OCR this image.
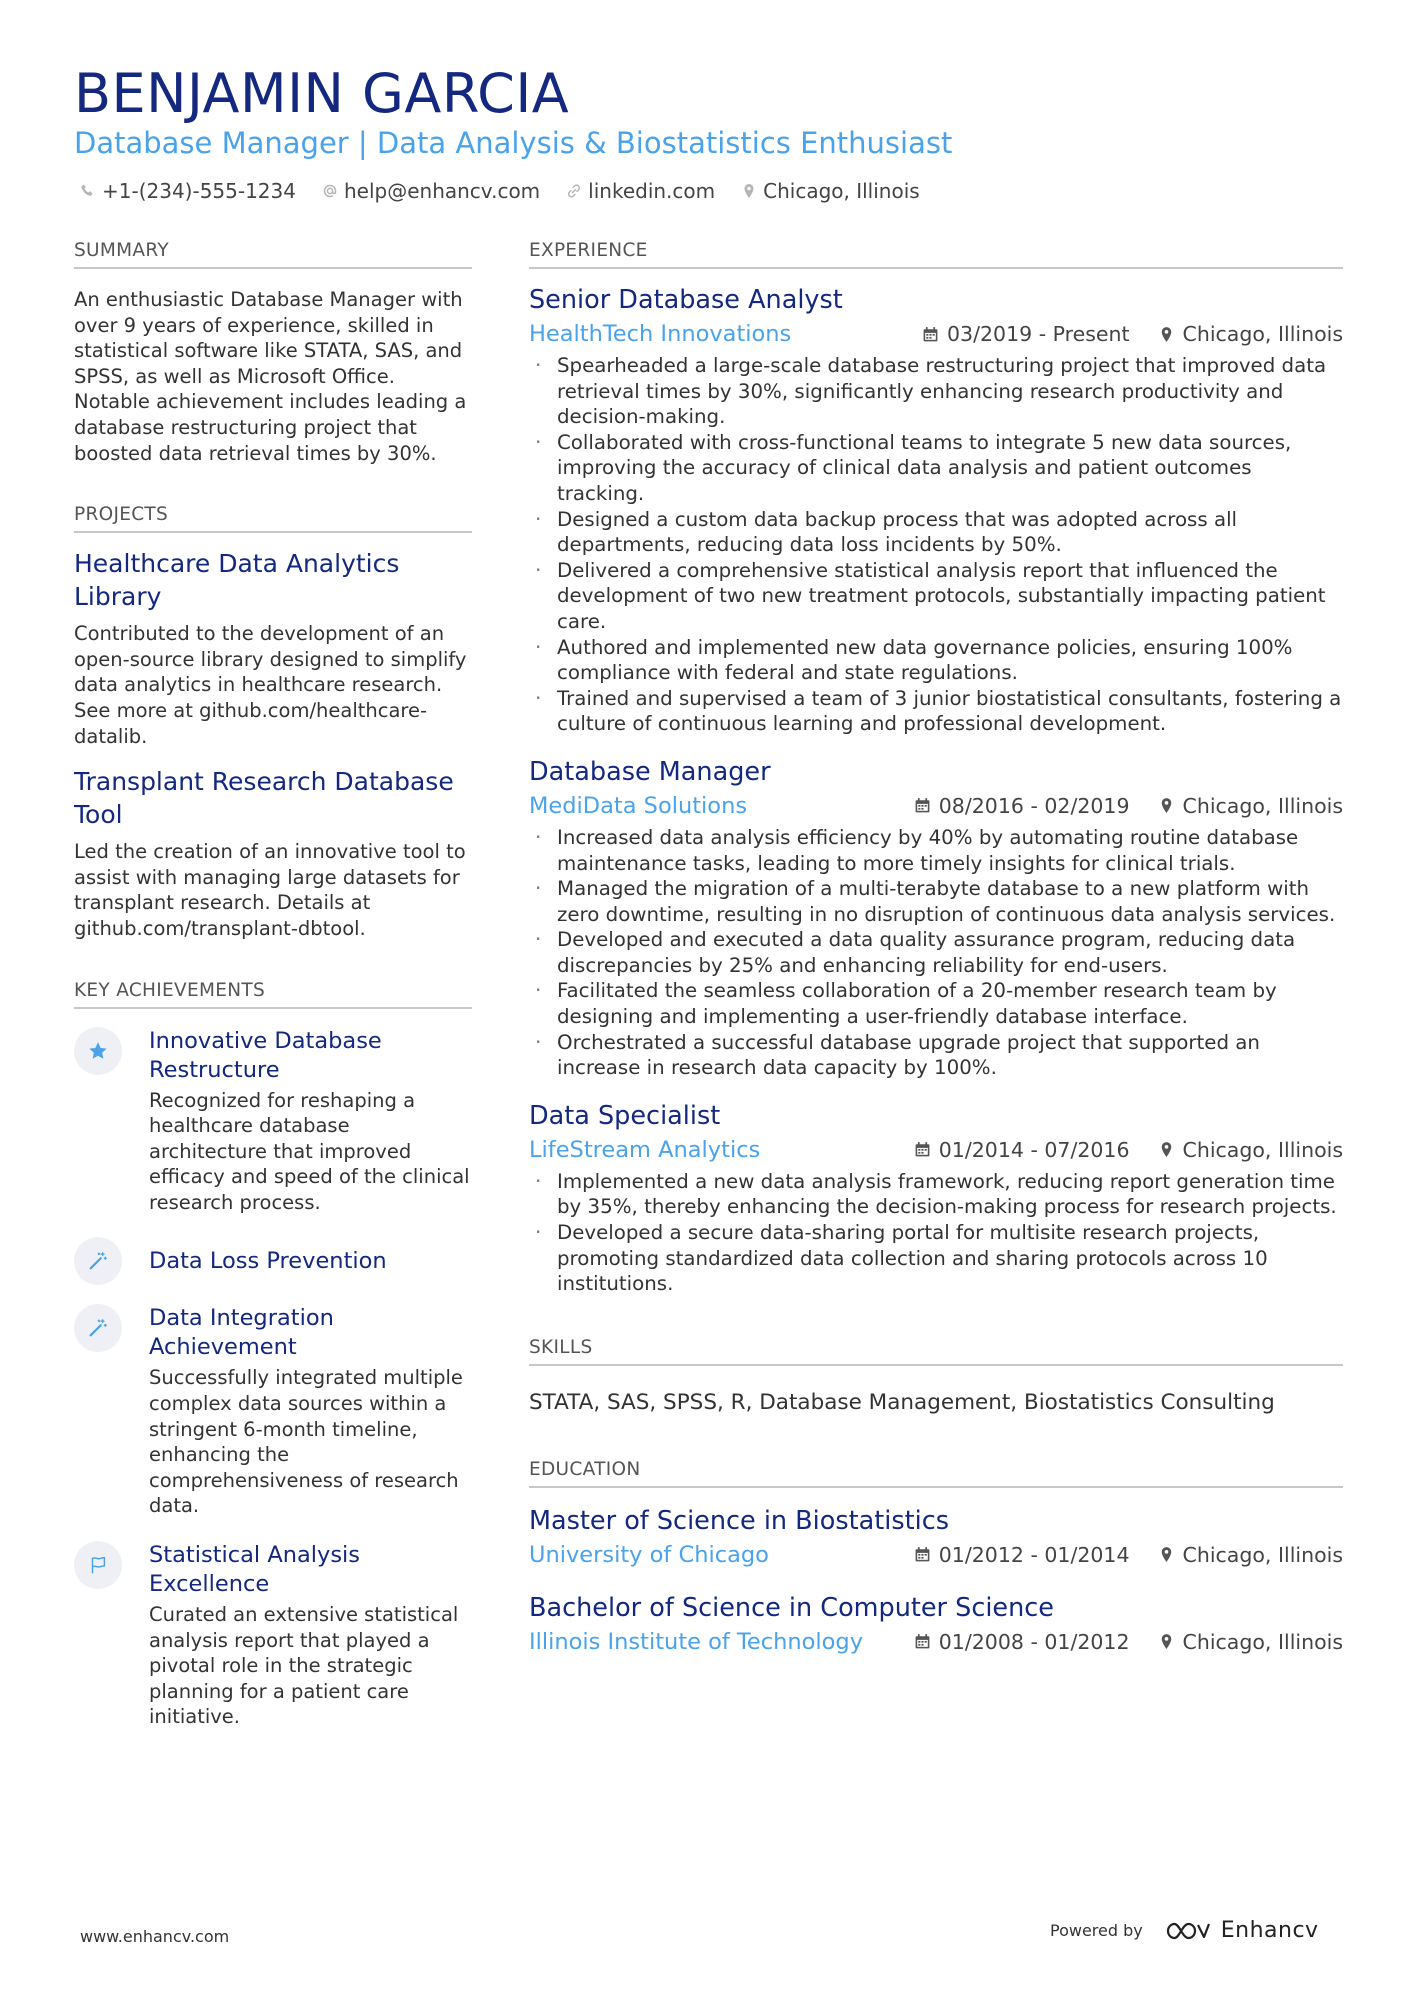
BENJAMIN GARCIA
Database Manager | Data Analysis & Biostatistics Enthusiast
+1-(234)-555-1234 help@enhancv.com linkedin.com Chicago, Illinois
SUMMARY
An enthusiastic Database Manager with over 9 years of experience, skilled in statistical software like STATA, SAS, and SPSS, as well as Microsoft Office. Notable achievement includes leading a database restructuring project that boosted data retrieval times by 30%.
PROJECTS
Healthcare Data Analytics Library
Contributed to the development of an open-source library designed to simplify data analytics in healthcare research. See more at github.com/healthcare-datalib.
Transplant Research Database Tool
Led the creation of an innovative tool to assist with managing large datasets for transplant research. Details at github.com/transplant-dbtool.
KEY ACHIEVEMENTS
Innovative Database Restructure
Recognized for reshaping a healthcare database architecture that improved efficacy and speed of the clinical research process.
Data Loss Prevention
Data Integration Achievement
Successfully integrated multiple complex data sources within a stringent 6-month timeline, enhancing the comprehensiveness of research data.
Statistical Analysis Excellence
Curated an extensive statistical analysis report that played a pivotal role in the strategic planning for a patient care initiative.
EXPERIENCE
Senior Database Analyst
HealthTech Innovations	03/2019 - Present	Chicago, Illinois
· Spearheaded a large-scale database restructuring project that improved data retrieval times by 30%, significantly enhancing research productivity and decision-making.
· Collaborated with cross-functional teams to integrate 5 new data sources, improving the accuracy of clinical data analysis and patient outcomes tracking.
· Designed a custom data backup process that was adopted across all departments, reducing data loss incidents by 50%.
· Delivered a comprehensive statistical analysis report that influenced the development of two new treatment protocols, substantially impacting patient care.
· Authored and implemented new data governance policies, ensuring 100% compliance with federal and state regulations.
· Trained and supervised a team of 3 junior biostatistical consultants, fostering a culture of continuous learning and professional development.
Database Manager
MediData Solutions	08/2016 - 02/2019	Chicago, Illinois
· Increased data analysis efficiency by 40% by automating routine database maintenance tasks, leading to more timely insights for clinical trials.
· Managed the migration of a multi-terabyte database to a new platform with zero downtime, resulting in no disruption of continuous data analysis services.
· Developed and executed a data quality assurance program, reducing data discrepancies by 25% and enhancing reliability for end-users.
· Facilitated the seamless collaboration of a 20-member research team by designing and implementing a user-friendly database interface.
· Orchestrated a successful database upgrade project that supported an increase in research data capacity by 100%.
Data Specialist
LifeStream Analytics	01/2014 - 07/2016	Chicago, Illinois
· Implemented a new data analysis framework, reducing report generation time by 35%, thereby enhancing the decision-making process for research projects.
· Developed a secure data-sharing portal for multisite research projects, promoting standardized data collection and sharing protocols across 10 institutions.
SKILLS
STATA, SAS, SPSS, R, Database Management, Biostatistics Consulting
EDUCATION
Master of Science in Biostatistics
University of Chicago	01/2012 - 01/2014	Chicago, Illinois
Bachelor of Science in Computer Science
Illinois Institute of Technology	01/2008 - 01/2012	Chicago, Illinois
www.enhancv.com	Powered by	Enhancv
